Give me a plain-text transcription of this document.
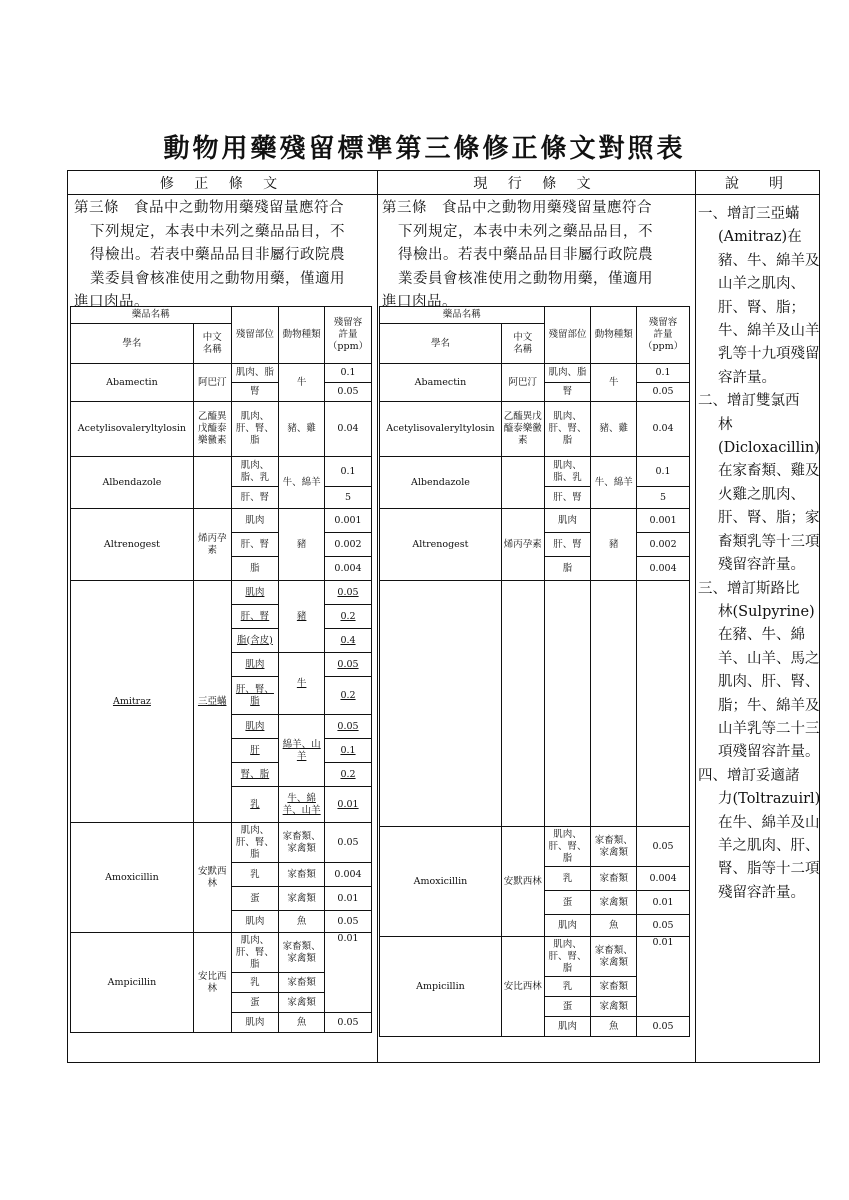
動物用藥殘留標準第三條修正條文對照表
修 正 條 文	現 行 條 文	說　明
第三條　食品中之動物用藥殘留量應符合
下列規定，本表中未列之藥品品目，不
得檢出。若表中藥品品目非屬行政院農
業委員會核准使用之動物用藥，僅適用
進口肉品。
第三條　食品中之動物用藥殘留量應符合
下列規定，本表中未列之藥品品目，不
得檢出。若表中藥品品目非屬行政院農
業委員會核准使用之動物用藥，僅適用
進口肉品。
一、增訂三亞蟎
(Amitraz)在豬、牛、綿羊及山羊之肌肉、肝、腎、脂；牛、綿羊及山羊乳等十九項殘留容許量。
二、增訂雙氯西
林(Dicloxacillin)在家畜類、雞及火雞之肌肉、肝、腎、脂；家畜類乳等十三項殘留容許量。
三、增訂斯路比
林(Sulpyrine)在豬、牛、綿羊、山羊、馬之肌肉、肝、腎、脂；牛、綿羊及山羊乳等二十三項殘留容許量。
四、增訂妥適諸
力(Toltrazuirl)在牛、綿羊及山羊之肌肉、肝、腎、脂等十二項殘留容許量。
藥品名稱		殘留部位	動物種類	殘留容
許量
（ppm）

學名	中文
名稱			

Abamectin	阿巴汀	肌肉、脂	牛	0.1
		腎		0.05
Acetylisovaleryltylosin	乙醯異戊醯泰樂黴素	肌肉、肝、腎、脂	豬、雞	0.04
Albendazole		肌肉、脂、乳	牛、綿羊	0.1
		肝、腎		5
Altrenogest	烯丙孕素	肌肉	豬	0.001
		肝、腎		0.002
		脂		0.004
Amitraz	三亞蟎	肌肉	豬	0.05
		肝、腎		0.2
		脂(含皮)		0.4
		肌肉	牛	0.05
		肝、腎、脂		0.2
		肌肉	綿羊、山羊	0.05
		肝		0.1
		腎、脂		0.2
		乳	牛、綿羊、山羊	0.01
Amoxicillin	安默西林	肌肉、肝、腎、脂	家畜類、家禽類	0.05
		乳	家畜類	0.004
		蛋	家禽類	0.01
		肌肉	魚	0.05
Ampicillin	安比西林	肌肉、肝、腎、脂	家畜類、家禽類	0.01
		乳	家畜類	
		蛋	家禽類	
		肌肉	魚	0.05
藥品名稱		殘留部位	動物種類	殘留容
許量
（ppm）

學名	中文
名稱			

Abamectin	阿巴汀	肌肉、脂	牛	0.1
		腎		0.05
Acetylisovaleryltylosin	乙醯異戊醯泰樂黴素	肌肉、肝、腎、脂	豬、雞	0.04
Albendazole		肌肉、脂、乳	牛、綿羊	0.1
		肝、腎		5
Altrenogest	烯丙孕素	肌肉	豬	0.001
		肝、腎		0.002
		脂		0.004

Amoxicillin	安默西林	肌肉、肝、腎、脂	家畜類、家禽類	0.05
		乳	家畜類	0.004
		蛋	家禽類	0.01
		肌肉	魚	0.05
Ampicillin	安比西林	肌肉、肝、腎、脂	家畜類、家禽類	0.01
		乳	家畜類	
		蛋	家禽類	
		肌肉	魚	0.05
